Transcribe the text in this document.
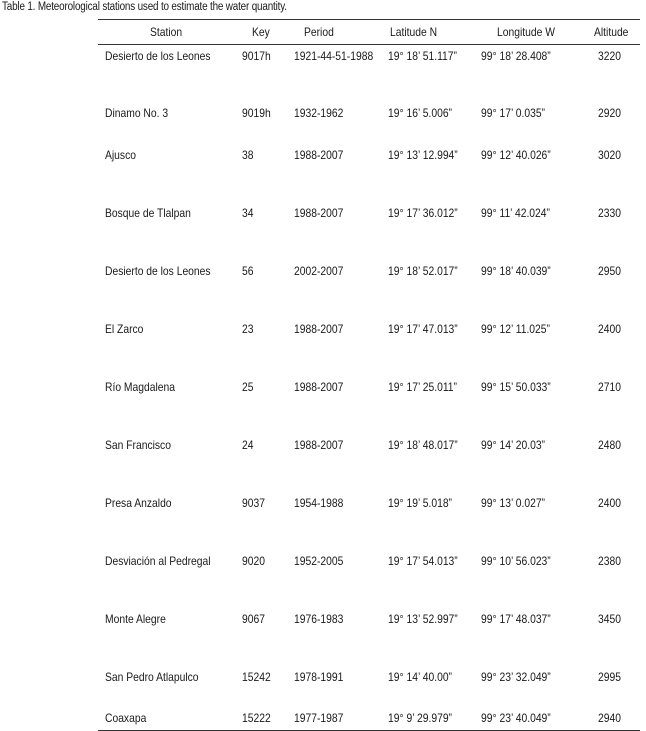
Table 1. Meteorological stations used to estimate the water quantity.
Station	Key	Period	Latitude N	Longitude W	Altitude
Desierto de los Leones	9017h 1921-44-51-1988 19° 18’ 51.117” 99° 18’ 28.408”	3220
Dinamo No. 3	9019h 1932-1962	19° 16’ 5.006” 99° 17’ 0.035”	2920
Ajusco	38	1988-2007	19° 13’ 12.994” 99° 12’ 40.026”	3020
Bosque de Tlalpan	34	1988-2007	19° 17’ 36.012” 99° 11’ 42.024”	2330
Desierto de los Leones	56	2002-2007	19° 18’ 52.017” 99° 18’ 40.039”	2950
El Zarco	23	1988-2007	19° 17’ 47.013” 99° 12’ 11.025”	2400
Río Magdalena	25	1988-2007	19° 17’ 25.011” 99° 15’ 50.033”	2710
San Francisco	24	1988-2007	19° 18’ 48.017” 99° 14’ 20.03”	2480
Presa Anzaldo	9037 1954-1988	19° 19’ 5.018” 99° 13’ 0.027”	2400
Desviación al Pedregal	9020 1952-2005	19° 17’ 54.013” 99° 10’ 56.023”	2380
Monte Alegre	9067 1976-1983	19° 13’ 52.997” 99° 17’ 48.037”	3450
San Pedro Atlapulco	15242 1978-1991	19° 14’ 40.00” 99° 23’ 32.049”	2995
Coaxapa	15222 1977-1987	19° 9’ 29.979” 99° 23’ 40.049”	2940
